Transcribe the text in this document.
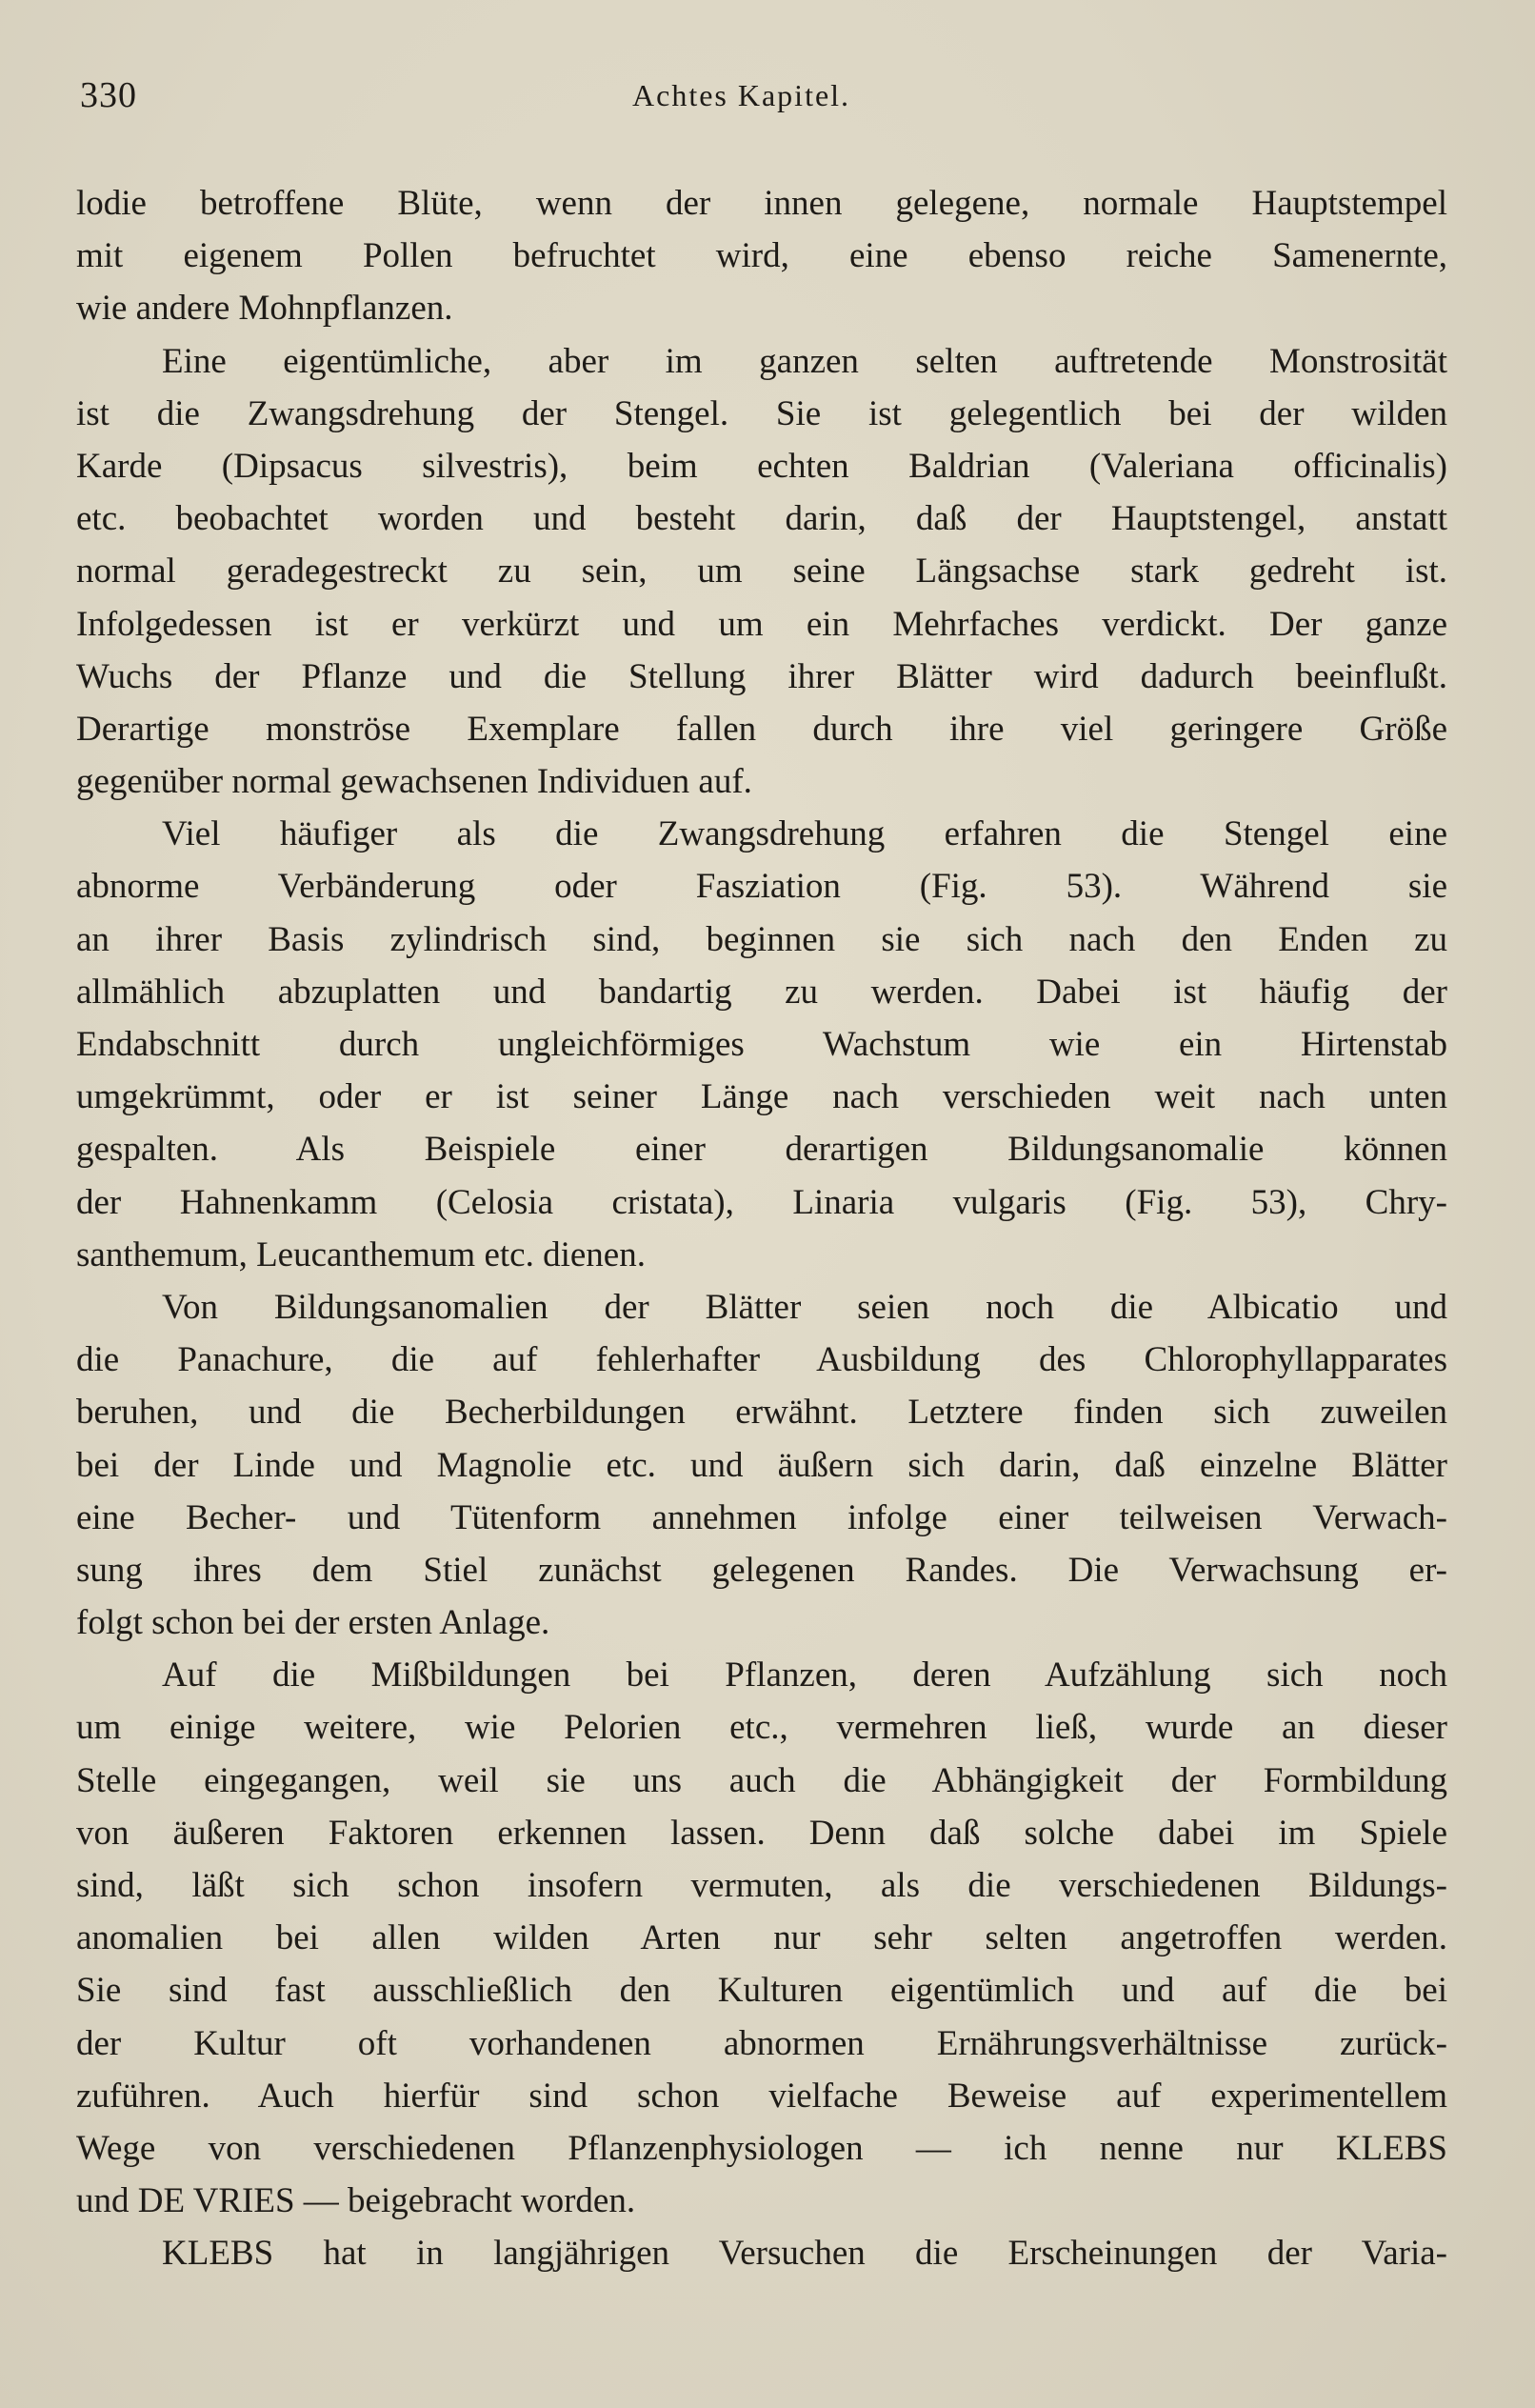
330	Achtes Kapitel.
lodie betroffene Blüte, wenn der innen gelegene, normale Hauptstempel
mit eigenem Pollen befruchtet wird, eine ebenso reiche Samenernte,
wie andere Mohnpflanzen.
Eine eigentümliche, aber im ganzen selten auftretende Monstrosität
ist die Zwangsdrehung der Stengel. Sie ist gelegentlich bei der wilden
Karde (Dipsacus silvestris), beim echten Baldrian (Valeriana officinalis)
etc. beobachtet worden und besteht darin, daß der Hauptstengel, anstatt
normal geradegestreckt zu sein, um seine Längsachse stark gedreht ist.
Infolgedessen ist er verkürzt und um ein Mehrfaches verdickt. Der ganze
Wuchs der Pflanze und die Stellung ihrer Blätter wird dadurch beeinflußt.
Derartige monströse Exemplare fallen durch ihre viel geringere Größe
gegenüber normal gewachsenen Individuen auf.
Viel häufiger als die Zwangsdrehung erfahren die Stengel eine
abnorme Verbänderung oder Fasziation (Fig. 53). Während sie
an ihrer Basis zylindrisch sind, beginnen sie sich nach den Enden zu
allmählich abzuplatten und bandartig zu werden. Dabei ist häufig der
Endabschnitt durch ungleichförmiges Wachstum wie ein Hirtenstab
umgekrümmt, oder er ist seiner Länge nach verschieden weit nach unten
gespalten. Als Beispiele einer derartigen Bildungsanomalie können
der Hahnenkamm (Celosia cristata), Linaria vulgaris (Fig. 53), Chry-
santhemum, Leucanthemum etc. dienen.
Von Bildungsanomalien der Blätter seien noch die Albicatio und
die Panachure, die auf fehlerhafter Ausbildung des Chlorophyllapparates
beruhen, und die Becherbildungen erwähnt. Letztere finden sich zuweilen
bei der Linde und Magnolie etc. und äußern sich darin, daß einzelne Blätter
eine Becher- und Tütenform annehmen infolge einer teilweisen Verwach-
sung ihres dem Stiel zunächst gelegenen Randes. Die Verwachsung er-
folgt schon bei der ersten Anlage.
Auf die Mißbildungen bei Pflanzen, deren Aufzählung sich noch
um einige weitere, wie Pelorien etc., vermehren ließ, wurde an dieser
Stelle eingegangen, weil sie uns auch die Abhängigkeit der Formbildung
von äußeren Faktoren erkennen lassen. Denn daß solche dabei im Spiele
sind, läßt sich schon insofern vermuten, als die verschiedenen Bildungs-
anomalien bei allen wilden Arten nur sehr selten angetroffen werden.
Sie sind fast ausschließlich den Kulturen eigentümlich und auf die bei
der Kultur oft vorhandenen abnormen Ernährungsverhältnisse zurück-
zuführen. Auch hierfür sind schon vielfache Beweise auf experimentellem
Wege von verschiedenen Pflanzenphysiologen — ich nenne nur KLEBS
und DE VRIES — beigebracht worden.
KLEBS hat in langjährigen Versuchen die Erscheinungen der Varia-
